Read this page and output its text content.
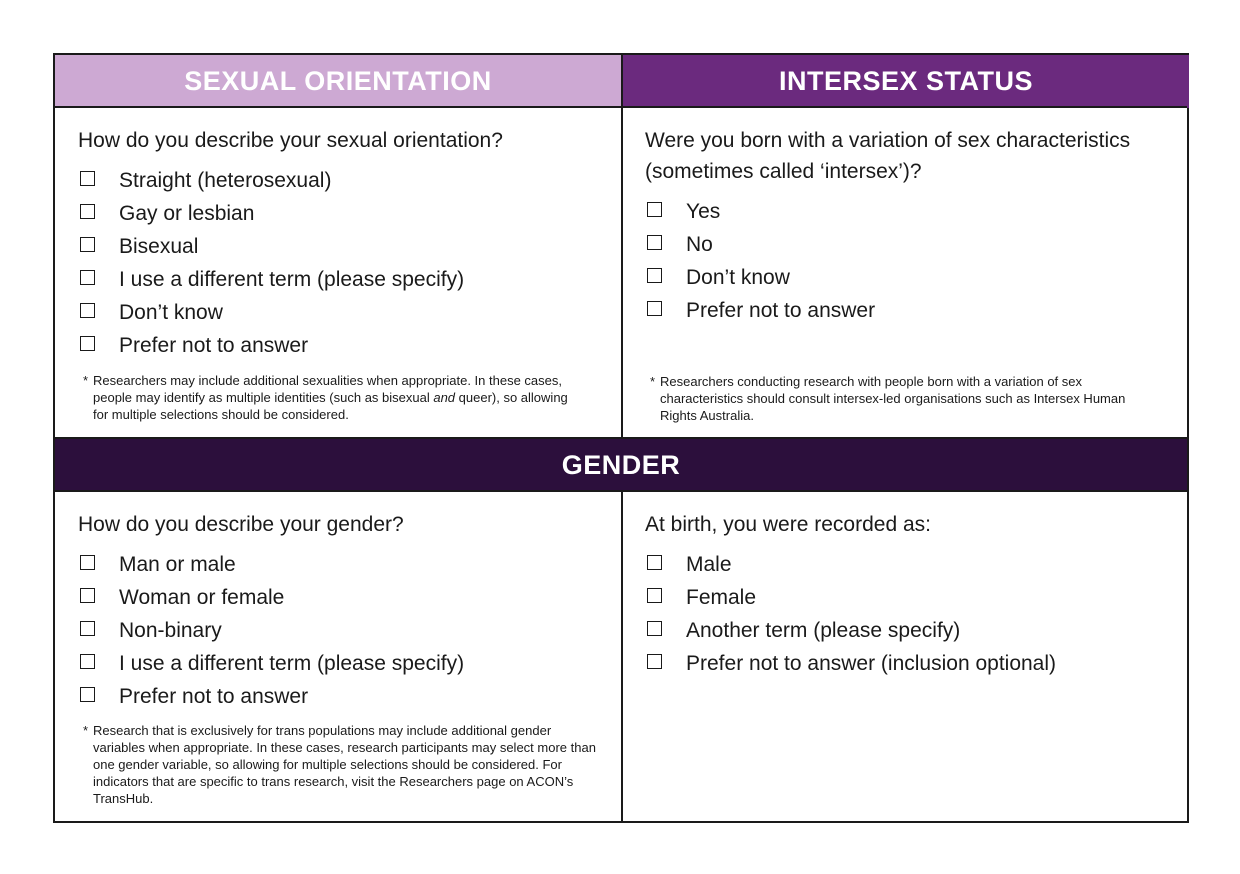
SEXUAL ORIENTATION	INTERSEX STATUS
GENDER

How do you describe your sexual orientation?

Straight (heterosexual)
Gay or lesbian
Bisexual
I use a different term (please specify)
Don’t know
Prefer not to answer
* Researchers may include additional sexualities when appropriate. In these cases, people may identify as multiple identities (such as bisexual and queer), so allowing for multiple selections should be considered.

Were you born with a variation of sex characteristics (sometimes called ‘intersex’)?

Yes
No
Don’t know
Prefer not to answer
* Researchers conducting research with people born with a variation of sex characteristics should consult intersex-led organisations such as Intersex Human Rights Australia.

How do you describe your gender?

Man or male
Woman or female
Non-binary
I use a different term (please specify)
Prefer not to answer
* Research that is exclusively for trans populations may include additional gender variables when appropriate. In these cases, research participants may select more than one gender variable, so allowing for multiple selections should be considered. For indicators that are specific to trans research, visit the Researchers page on ACON’s TransHub.

At birth, you were recorded as:

Male
Female
Another term (please specify)
Prefer not to answer (inclusion optional)
